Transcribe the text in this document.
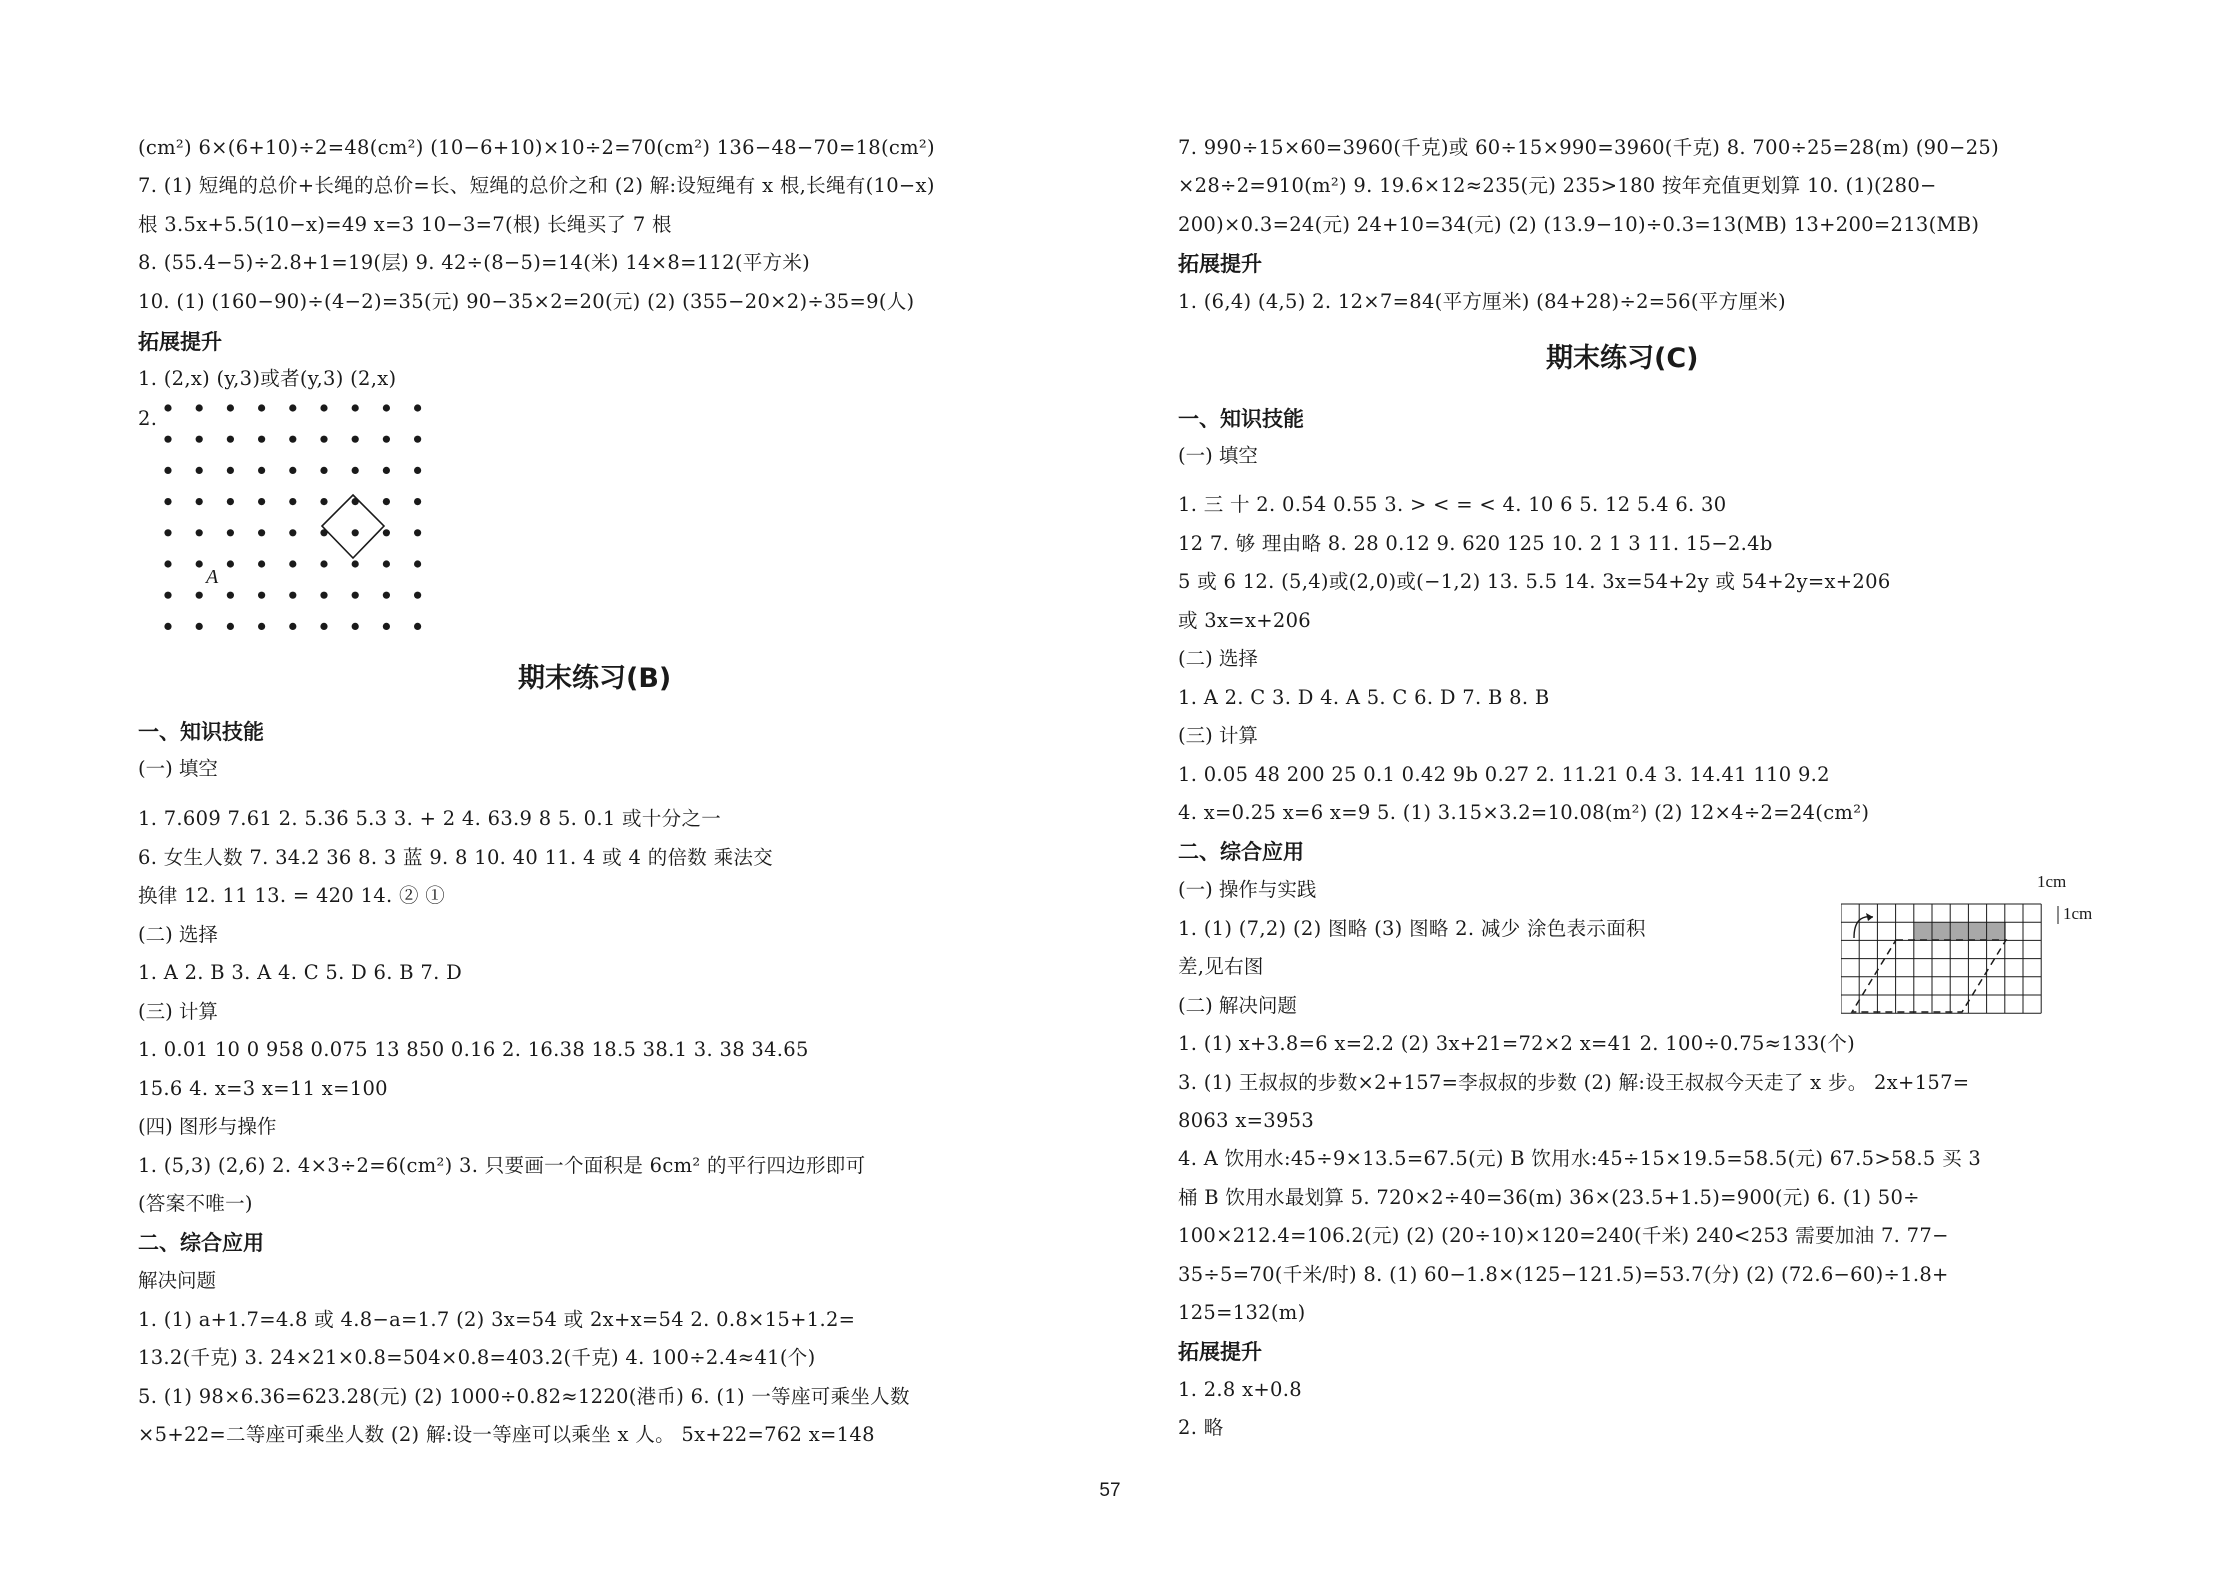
(cm²) 6×(6+10)÷2=48(cm²) (10−6+10)×10÷2=70(cm²) 136−48−70=18(cm²)
7. (1) 短绳的总价+长绳的总价=长、短绳的总价之和 (2) 解:设短绳有 x 根,长绳有(10−x)
根 3.5x+5.5(10−x)=49 x=3 10−3=7(根) 长绳买了 7 根
8. (55.4−5)÷2.8+1=19(层) 9. 42÷(8−5)=14(米) 14×8=112(平方米)
10. (1) (160−90)÷(4−2)=35(元) 90−35×2=20(元) (2) (355−20×2)÷35=9(人)
拓展提升
1. (2,x) (y,3)或者(y,3) (2,x)
2.
A
期末练习(B)
一、知识技能
(一) 填空
1. 7.609̇ 7.61 2. 5.36̇ 5.3 3. + 2 4. 63.9 8 5. 0.1 或十分之一
6. 女生人数 7. 34.2 36 8. 3 蓝 9. 8 10. 40 11. 4 或 4 的倍数 乘法交
换律 12. 11 13. = 420 14. ② ①
(二) 选择
1. A 2. B 3. A 4. C 5. D 6. B 7. D
(三) 计算
1. 0.01 10 0 958 0.075 13 850 0.16 2. 16.38 18.5 38.1 3. 38 34.65
15.6 4. x=3 x=11 x=100
(四) 图形与操作
1. (5,3) (2,6) 2. 4×3÷2=6(cm²) 3. 只要画一个面积是 6cm² 的平行四边形即可
(答案不唯一)
二、综合应用
解决问题
1. (1) a+1.7=4.8 或 4.8−a=1.7 (2) 3x=54 或 2x+x=54 2. 0.8×15+1.2=
13.2(千克) 3. 24×21×0.8=504×0.8=403.2(千克) 4. 100÷2.4≈41(个)
5. (1) 98×6.36=623.28(元) (2) 1000÷0.82≈1220(港币) 6. (1) 一等座可乘坐人数
×5+22=二等座可乘坐人数 (2) 解:设一等座可以乘坐 x 人。 5x+22=762 x=148
7. 990÷15×60=3960(千克)或 60÷15×990=3960(千克) 8. 700÷25=28(m) (90−25)
×28÷2=910(m²) 9. 19.6×12≈235(元) 235>180 按年充值更划算 10. (1)(280−
200)×0.3=24(元) 24+10=34(元) (2) (13.9−10)÷0.3=13(MB) 13+200=213(MB)
拓展提升
1. (6,4) (4,5) 2. 12×7=84(平方厘米) (84+28)÷2=56(平方厘米)
期末练习(C)
一、知识技能
(一) 填空
1. 三 十 2. 0.5̇4̇ 0.55 3. > < = < 4. 10 6 5. 12 5.4 6. 30
12 7. 够 理由略 8. 28 0.12 9. 620 125 10. 2 1 3 11. 15−2.4b
5 或 6 12. (5,4)或(2,0)或(−1,2) 13. 5.5 14. 3x=54+2y 或 54+2y=x+206
或 3x=x+206
(二) 选择
1. A 2. C 3. D 4. A 5. C 6. D 7. B 8. B
(三) 计算
1. 0.05 48 200 25 0.1 0.42 9b 0.27 2. 11.21 0.4 3. 14.41 110 9.2
4. x=0.25 x=6 x=9 5. (1) 3.15×3.2=10.08(m²) (2) 12×4÷2=24(cm²)
二、综合应用
(一) 操作与实践
1. (1) (7,2) (2) 图略 (3) 图略 2. 减少 涂色表示面积
差,见右图
1cm
1cm
(二) 解决问题
1. (1) x+3.8=6 x=2.2 (2) 3x+21=72×2 x=41 2. 100÷0.75≈133(个)
3. (1) 王叔叔的步数×2+157=李叔叔的步数 (2) 解:设王叔叔今天走了 x 步。 2x+157=
8063 x=3953
4. A 饮用水:45÷9×13.5=67.5(元) B 饮用水:45÷15×19.5=58.5(元) 67.5>58.5 买 3
桶 B 饮用水最划算 5. 720×2÷40=36(m) 36×(23.5+1.5)=900(元) 6. (1) 50÷
100×212.4=106.2(元) (2) (20÷10)×120=240(千米) 240<253 需要加油 7. 77−
35÷5=70(千米/时) 8. (1) 60−1.8×(125−121.5)=53.7(分) (2) (72.6−60)÷1.8+
125=132(m)
拓展提升
1. 2.8 x+0.8
2. 略
57
